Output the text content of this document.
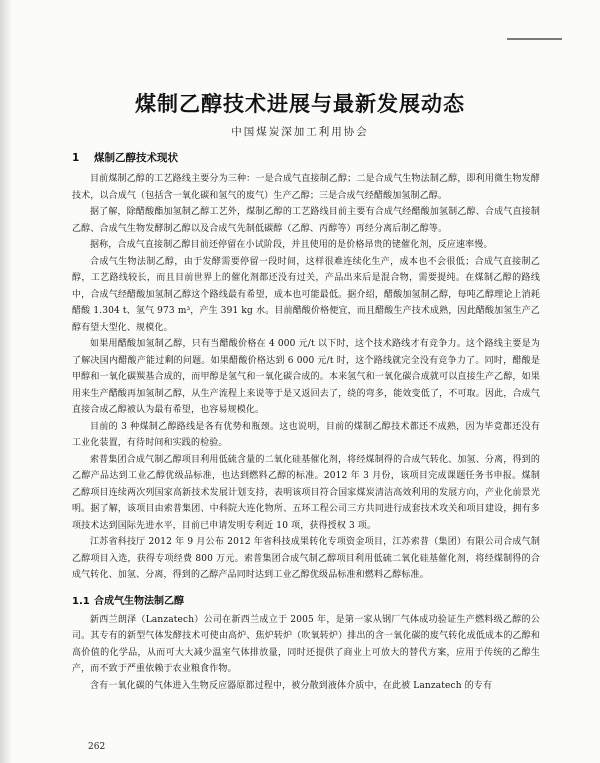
煤制乙醇技术进展与最新发展动态
中国煤炭深加工利用协会
1 煤制乙醇技术现状

目前煤制乙醇的工艺路线主要分为三种：一是合成气直接制乙醇；二是合成气生物法制乙醇，即利用微生物发酵技术，以合成气（包括含一氧化碳和氢气的废气）生产乙醇；三是合成气经醋酸加氢制乙醇。

据了解，除醋酸酯加氢制乙醇工艺外，煤制乙醇的工艺路线目前主要有合成气经醋酸加氢制乙醇、合成气直接制乙醇、合成气生物发酵制乙醇以及合成气先制低碳醇（乙醇、丙醇等）再经分离后制乙醇等。

据称，合成气直接制乙醇目前还停留在小试阶段，并且使用的是价格昂贵的铑催化剂，反应速率慢。

合成气生物法制乙醇，由于发酵需要停留一段时间，这样很难连续化生产，成本也不会很低；合成气直接制乙醇，工艺路线较长，而且目前世界上的催化剂都还没有过关，产品出来后是混合物，需要提纯。在煤制乙醇的路线中，合成气经醋酸加氢制乙醇这个路线最有希望，成本也可能最低。据介绍，醋酸加氢制乙醇，每吨乙醇理论上消耗醋酸 1.304 t、氢气 973 m³，产生 391 kg 水。目前醋酸价格便宜，而且醋酸生产技术成熟，因此醋酸加氢生产乙醇有望大型化、规模化。

如果用醋酸加氢制乙醇，只有当醋酸价格在 4 000 元/t 以下时，这个技术路线才有竞争力。这个路线主要是为了解决国内醋酸产能过剩的问题。如果醋酸价格达到 6 000 元/t 时，这个路线就完全没有竞争力了。同时，醋酸是甲醇和一氧化碳羰基合成的，而甲醇是氢气和一氧化碳合成的。本来氢气和一氧化碳合成就可以直接生产乙醇，如果用来生产醋酸再加氢制乙醇，从生产流程上来说等于是又返回去了，绕的弯多，能效变低了，不可取。因此，合成气直接合成乙醇被认为最有希望，也容易规模化。

目前的 3 种煤制乙醇路线是各有优势和瓶颈。这也说明，目前的煤制乙醇技术都还不成熟，因为毕竟都还没有工业化装置，有待时间和实践的检验。

索普集团合成气制乙醇项目利用低硫含量的二氧化硅基催化剂，将经煤制得的合成气转化、加氢、分离，得到的乙醇产品达到工业乙醇优级品标准，也达到燃料乙醇的标准。2012 年 3 月份，该项目完成课题任务书申报。煤制乙醇项目连续两次列国家高新技术发展计划支持，表明该项目符合国家煤炭清洁高效利用的发展方向，产业化前景光明。据了解，该项目由索普集团、中科院大连化物所、五环工程公司三方共同进行成套技术攻关和项目建设，拥有多项技术达到国际先进水平，目前已申请发明专利近 10 项，获得授权 3 项。

江苏省科技厅 2012 年 9 月公布 2012 年省科技成果转化专项资金项目，江苏索普（集团）有限公司合成气制乙醇项目入选，获得专项经费 800 万元。索普集团合成气制乙醇项目利用低硫二氧化硅基催化剂，将经煤制得的合成气转化、加氢、分离，得到的乙醇产品同时达到工业乙醇优级品标准和燃料乙醇标准。

1.1 合成气生物法制乙醇

新西兰朗泽（Lanzatech）公司在新西兰成立于 2005 年，是第一家从钢厂气体成功验证生产燃料级乙醇的公司。其专有的新型气体发酵技术可使由高炉、焦炉转炉（吹氧转炉）排出的含一氧化碳的废气转化成低成本的乙醇和高价值的化学品，从而可大大减少温室气体排放量，同时还提供了商业上可放大的替代方案，应用于传统的乙醇生产，而不致于严重依赖于农业粮食作物。

含有一氧化碳的气体进入生物反应器原都过程中，被分散到液体介质中，在此被 Lanzatech 的专有

262
